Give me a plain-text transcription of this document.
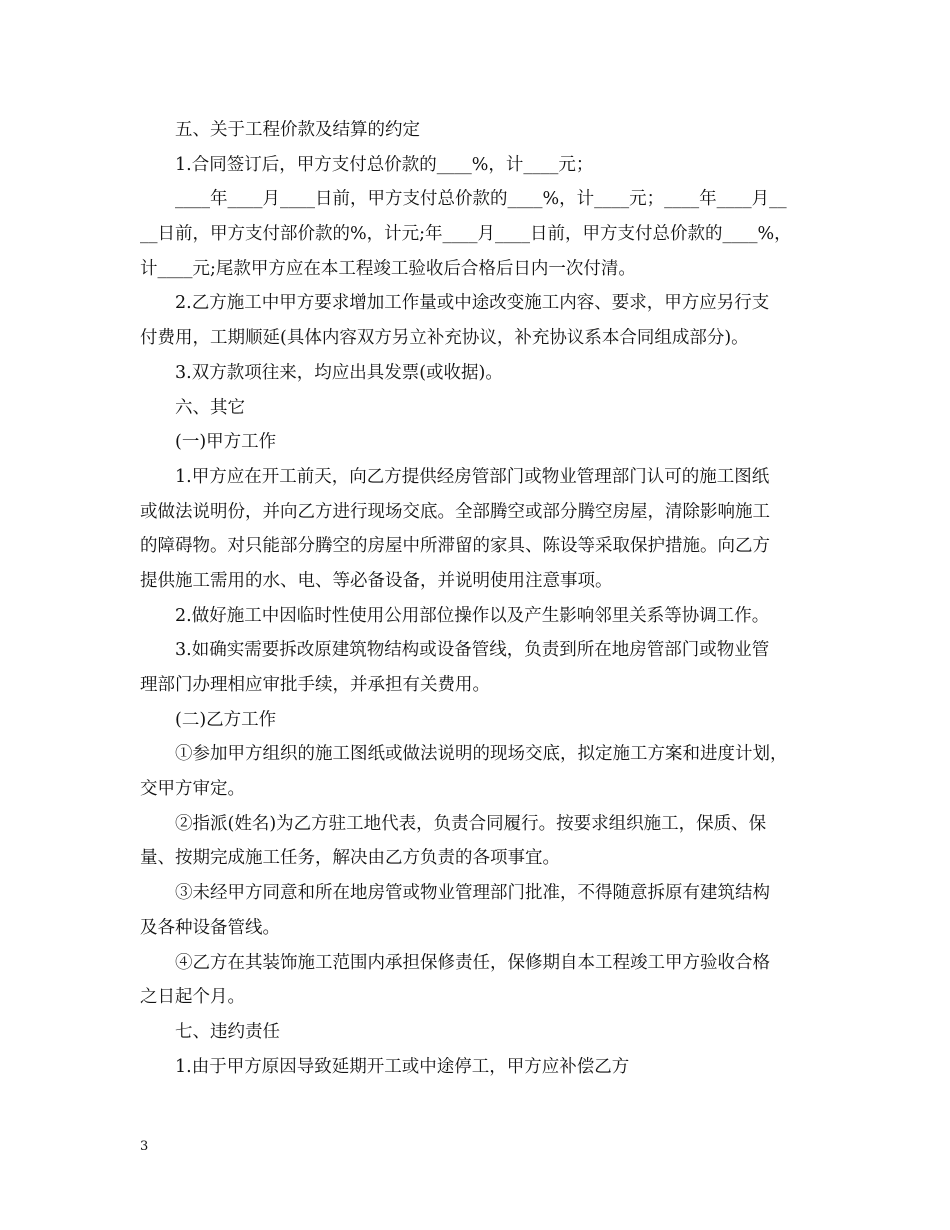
五、关于工程价款及结算的约定
1.合同签订后，甲方支付总价款的____%，计____元；
____年____月____日前，甲方支付总价款的____%，计____元；____年____月__
__日前，甲方支付部价款的%，计元;年____月____日前，甲方支付总价款的____%，
计____元;尾款甲方应在本工程竣工验收后合格后日内一次付清。
2.乙方施工中甲方要求增加工作量或中途改变施工内容、要求，甲方应另行支
付费用，工期顺延(具体内容双方另立补充协议，补充协议系本合同组成部分)。
3.双方款项往来，均应出具发票(或收据)。
六、其它
(一)甲方工作
1.甲方应在开工前天，向乙方提供经房管部门或物业管理部门认可的施工图纸
或做法说明份，并向乙方进行现场交底。全部腾空或部分腾空房屋，清除影响施工
的障碍物。对只能部分腾空的房屋中所滞留的家具、陈设等采取保护措施。向乙方
提供施工需用的水、电、等必备设备，并说明使用注意事项。
2.做好施工中因临时性使用公用部位操作以及产生影响邻里关系等协调工作。
3.如确实需要拆改原建筑物结构或设备管线，负责到所在地房管部门或物业管
理部门办理相应审批手续，并承担有关费用。
(二)乙方工作
①参加甲方组织的施工图纸或做法说明的现场交底，拟定施工方案和进度计划，
交甲方审定。
②指派(姓名)为乙方驻工地代表，负责合同履行。按要求组织施工，保质、保
量、按期完成施工任务，解决由乙方负责的各项事宜。
③未经甲方同意和所在地房管或物业管理部门批准，不得随意拆原有建筑结构
及各种设备管线。
④乙方在其装饰施工范围内承担保修责任，保修期自本工程竣工甲方验收合格
之日起个月。
七、违约责任
1.由于甲方原因导致延期开工或中途停工，甲方应补偿乙方
3
